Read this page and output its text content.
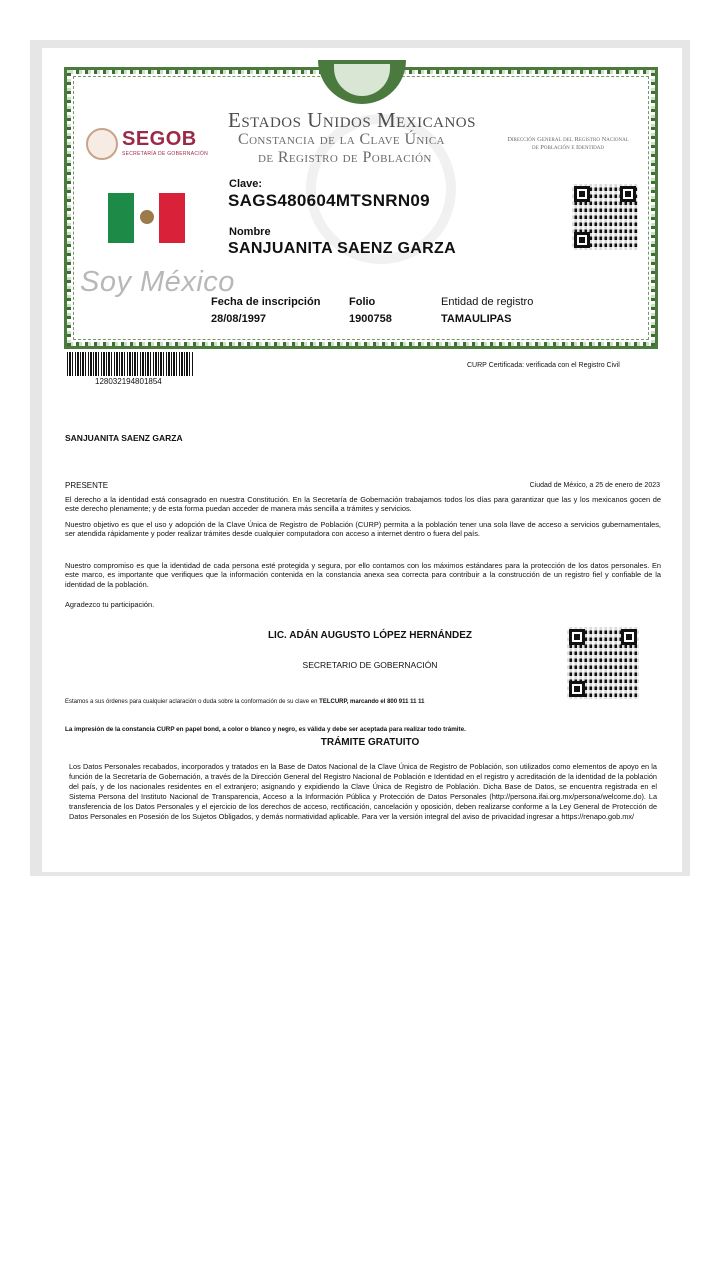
SEGOB
SECRETARÍA DE GOBERNACIÓN
Estados Unidos Mexicanos
Constancia de la Clave Única
de Registro de Población
Dirección General del Registro Nacional de Población e Identidad
Clave:
SAGS480604MTSNRN09
Nombre
SANJUANITA SAENZ GARZA
Soy México
Fecha de inscripción
28/08/1997
Folio
1900758
Entidad de registro
TAMAULIPAS
128032194801854
CURP Certificada: verificada con el Registro Civil
SANJUANITA SAENZ GARZA
PRESENTE	Ciudad de México, a 25 de enero de 2023
El derecho a la identidad está consagrado en nuestra Constitución. En la Secretaría de Gobernación trabajamos todos los días para garantizar que las y los mexicanos gocen de este derecho plenamente; y de esta forma puedan acceder de manera más sencilla a trámites y servicios.
Nuestro objetivo es que el uso y adopción de la Clave Única de Registro de Población (CURP) permita a la población tener una sola llave de acceso a servicios gubernamentales, ser atendida rápidamente y poder realizar trámites desde cualquier computadora con acceso a internet dentro o fuera del país.
Nuestro compromiso es que la identidad de cada persona esté protegida y segura, por ello contamos con los máximos estándares para la protección de los datos personales. En este marco, es importante que verifiques que la información contenida en la constancia anexa sea correcta para contribuir a la construcción de un registro fiel y confiable de la identidad de la población.
Agradezco tu participación.
LIC. ADÁN AUGUSTO LÓPEZ HERNÁNDEZ
SECRETARIO DE GOBERNACIÓN
Estamos a sus órdenes para cualquier aclaración o duda sobre la conformación de su clave en TELCURP, marcando el 800 911 11 11
La impresión de la constancia CURP en papel bond, a color o blanco y negro, es válida y debe ser aceptada para realizar todo trámite.
TRÁMITE GRATUITO
Los Datos Personales recabados, incorporados y tratados en la Base de Datos Nacional de la Clave Única de Registro de Población, son utilizados como elementos de apoyo en la función de la Secretaría de Gobernación, a través de la Dirección General del Registro Nacional de Población e Identidad en el registro y acreditación de la identidad de la población del país, y de los nacionales residentes en el extranjero; asignando y expidiendo la Clave Única de Registro de Población. Dicha Base de Datos, se encuentra registrada en el Sistema Persona del Instituto Nacional de Transparencia, Acceso a la Información Pública y Protección de Datos Personales (http://persona.ifai.org.mx/persona/welcome.do). La transferencia de los Datos Personales y el ejercicio de los derechos de acceso, rectificación, cancelación y oposición, deben realizarse conforme a la Ley General de Protección de Datos Personales en Posesión de los Sujetos Obligados, y demás normatividad aplicable. Para ver la versión integral del aviso de privacidad ingresar a https://renapo.gob.mx/
